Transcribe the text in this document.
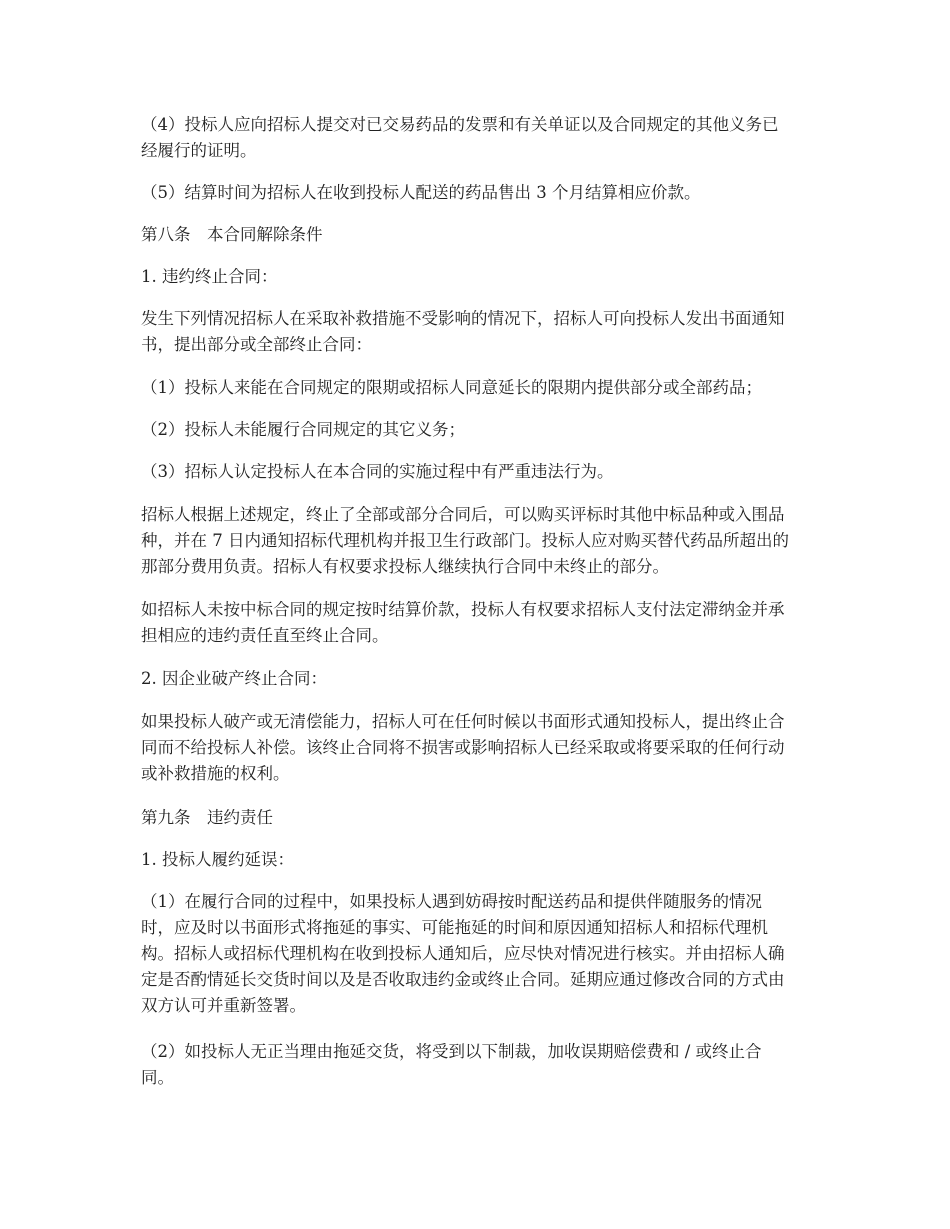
（4）投标人应向招标人提交对已交易药品的发票和有关单证以及合同规定的其他义务已
经履行的证明。

（5）结算时间为招标人在收到投标人配送的药品售出 3 个月结算相应价款。

第八条　本合同解除条件

1. 违约终止合同：

发生下列情况招标人在采取补救措施不受影响的情况下，招标人可向投标人发出书面通知
书，提出部分或全部终止合同：

（1）投标人来能在合同规定的限期或招标人同意延长的限期内提供部分或全部药品；

（2）投标人未能履行合同规定的其它义务；

（3）招标人认定投标人在本合同的实施过程中有严重违法行为。

招标人根据上述规定，终止了全部或部分合同后，可以购买评标时其他中标品种或入围品
种，并在 7 日内通知招标代理机构并报卫生行政部门。投标人应对购买替代药品所超出的
那部分费用负责。招标人有权要求投标人继续执行合同中未终止的部分。

如招标人未按中标合同的规定按时结算价款，投标人有权要求招标人支付法定滞纳金并承
担相应的违约责任直至终止合同。

2. 因企业破产终止合同：

如果投标人破产或无清偿能力，招标人可在任何时候以书面形式通知投标人，提出终止合
同而不给投标人补偿。该终止合同将不损害或影响招标人已经采取或将要采取的任何行动
或补救措施的权利。

第九条　违约责任

1. 投标人履约延误：

（1）在履行合同的过程中，如果投标人遇到妨碍按时配送药品和提供伴随服务的情况
时，应及时以书面形式将拖延的事实、可能拖延的时间和原因通知招标人和招标代理机
构。招标人或招标代理机构在收到投标人通知后，应尽快对情况进行核实。并由招标人确
定是否酌情延长交货时间以及是否收取违约金或终止合同。延期应通过修改合同的方式由
双方认可并重新签署。

（2）如投标人无正当理由拖延交货，将受到以下制裁，加收误期赔偿费和 / 或终止合
同。
